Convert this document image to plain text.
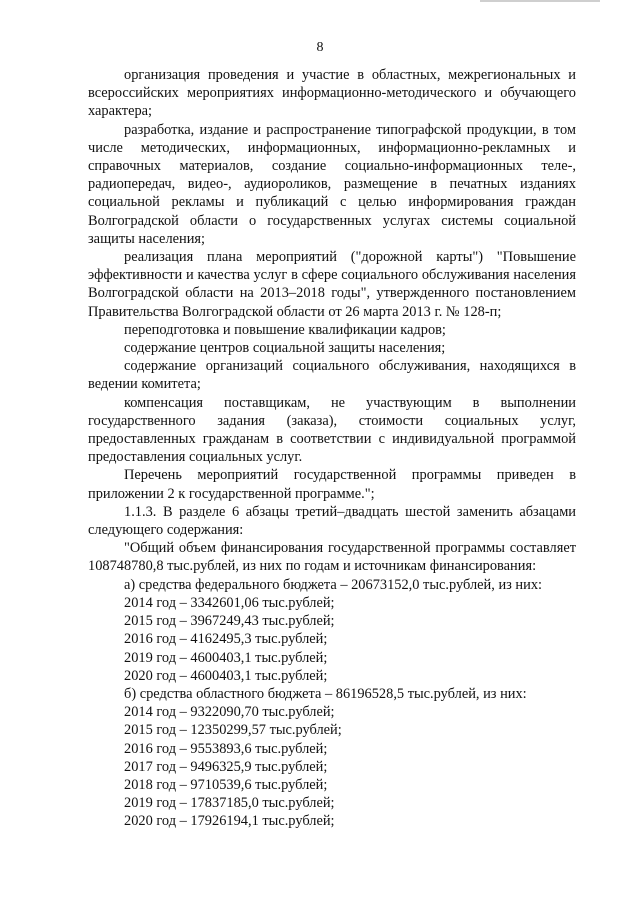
8

организация проведения и участие в областных, межрегиональных и всероссийских мероприятиях информационно-методического и обучающего характера;

разработка, издание и распространение типографской продукции, в том числе методических, информационных, информационно-рекламных и справочных материалов, создание социально-информационных теле-, радиопередач, видео-, аудиороликов, размещение в печатных изданиях социальной рекламы и публикаций с целью информирования граждан Волгоградской области о государственных услугах системы социальной защиты населения;

реализация плана мероприятий ("дорожной карты") "Повышение эффективности и качества услуг в сфере социального обслуживания населения Волгоградской области на 2013–2018 годы", утвержденного постановлением Правительства Волгоградской области от 26 марта 2013 г. № 128-п;

переподготовка и повышение квалификации кадров;

содержание центров социальной защиты населения;

содержание организаций социального обслуживания, находящихся в ведении комитета;

компенсация поставщикам, не участвующим в выполнении государственного задания (заказа), стоимости социальных услуг, предоставленных гражданам в соответствии с индивидуальной программой предоставления социальных услуг.

Перечень мероприятий государственной программы приведен в приложении 2 к государственной программе.";

1.1.3. В разделе 6 абзацы третий–двадцать шестой заменить абзацами следующего содержания:

"Общий объем финансирования государственной программы составляет 108748780,8 тыс.рублей, из них по годам и источникам финансирования:

а) средства федерального бюджета – 20673152,0 тыс.рублей, из них:

2014 год – 3342601,06 тыс.рублей;

2015 год – 3967249,43 тыс.рублей;

2016 год – 4162495,3 тыс.рублей;

2019 год – 4600403,1 тыс.рублей;

2020 год – 4600403,1 тыс.рублей;

б) средства областного бюджета – 86196528,5 тыс.рублей, из них:

2014 год – 9322090,70 тыс.рублей;

2015 год – 12350299,57 тыс.рублей;

2016 год – 9553893,6 тыс.рублей;

2017 год – 9496325,9 тыс.рублей;

2018 год – 9710539,6 тыс.рублей;

2019 год – 17837185,0 тыс.рублей;

2020 год – 17926194,1 тыс.рублей;
